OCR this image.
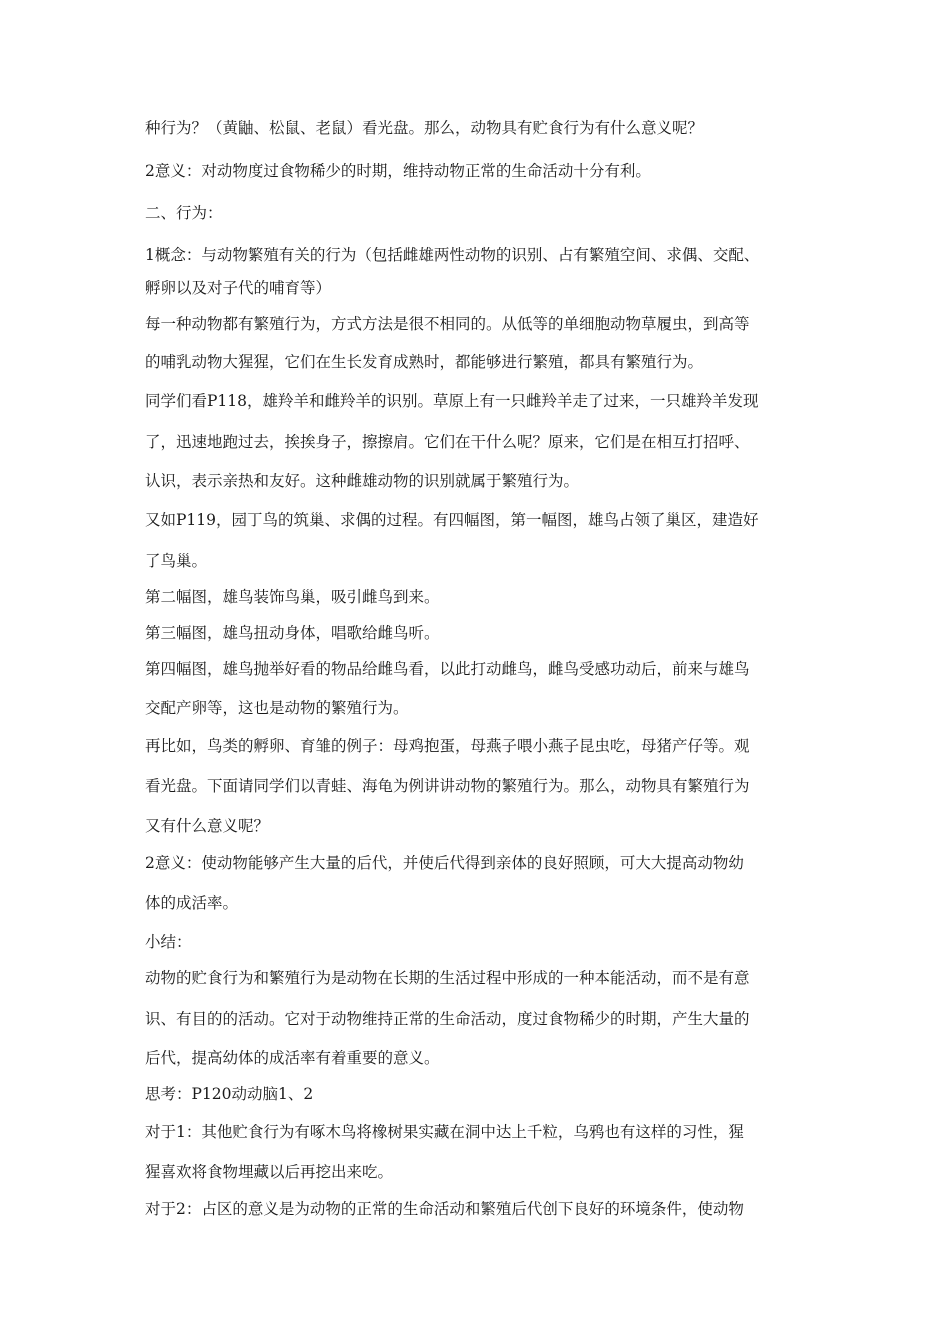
种行为？（黄鼬、松鼠、老鼠）看光盘。那么，动物具有贮食行为有什么意义呢？
2意义：对动物度过食物稀少的时期，维持动物正常的生命活动十分有利。
二、行为：
1概念：与动物繁殖有关的行为（包括雌雄两性动物的识别、占有繁殖空间、求偶、交配、
孵卵以及对子代的哺育等）
每一种动物都有繁殖行为，方式方法是很不相同的。从低等的单细胞动物草履虫，到高等
的哺乳动物大猩猩，它们在生长发育成熟时，都能够进行繁殖，都具有繁殖行为。
同学们看P118，雄羚羊和雌羚羊的识别。草原上有一只雌羚羊走了过来，一只雄羚羊发现
了，迅速地跑过去，挨挨身子，擦擦肩。它们在干什么呢？原来，它们是在相互打招呼、
认识，表示亲热和友好。这种雌雄动物的识别就属于繁殖行为。
又如P119，园丁鸟的筑巢、求偶的过程。有四幅图，第一幅图，雄鸟占领了巢区，建造好
了鸟巢。
第二幅图，雄鸟装饰鸟巢，吸引雌鸟到来。
第三幅图，雄鸟扭动身体，唱歌给雌鸟听。
第四幅图，雄鸟抛举好看的物品给雌鸟看，以此打动雌鸟，雌鸟受感功动后，前来与雄鸟
交配产卵等，这也是动物的繁殖行为。
再比如，鸟类的孵卵、育雏的例子：母鸡抱蛋，母燕子喂小燕子昆虫吃，母猪产仔等。观
看光盘。下面请同学们以青蛙、海龟为例讲讲动物的繁殖行为。那么，动物具有繁殖行为
又有什么意义呢？
2意义：使动物能够产生大量的后代，并使后代得到亲体的良好照顾，可大大提高动物幼
体的成活率。
小结：
动物的贮食行为和繁殖行为是动物在长期的生活过程中形成的一种本能活动，而不是有意
识、有目的的活动。它对于动物维持正常的生命活动，度过食物稀少的时期，产生大量的
后代，提高幼体的成活率有着重要的意义。
思考：P120动动脑1、2
对于1：其他贮食行为有啄木鸟将橡树果实藏在洞中达上千粒，乌鸦也有这样的习性，猩
猩喜欢将食物埋藏以后再挖出来吃。
对于2：占区的意义是为动物的正常的生命活动和繁殖后代创下良好的环境条件，使动物
